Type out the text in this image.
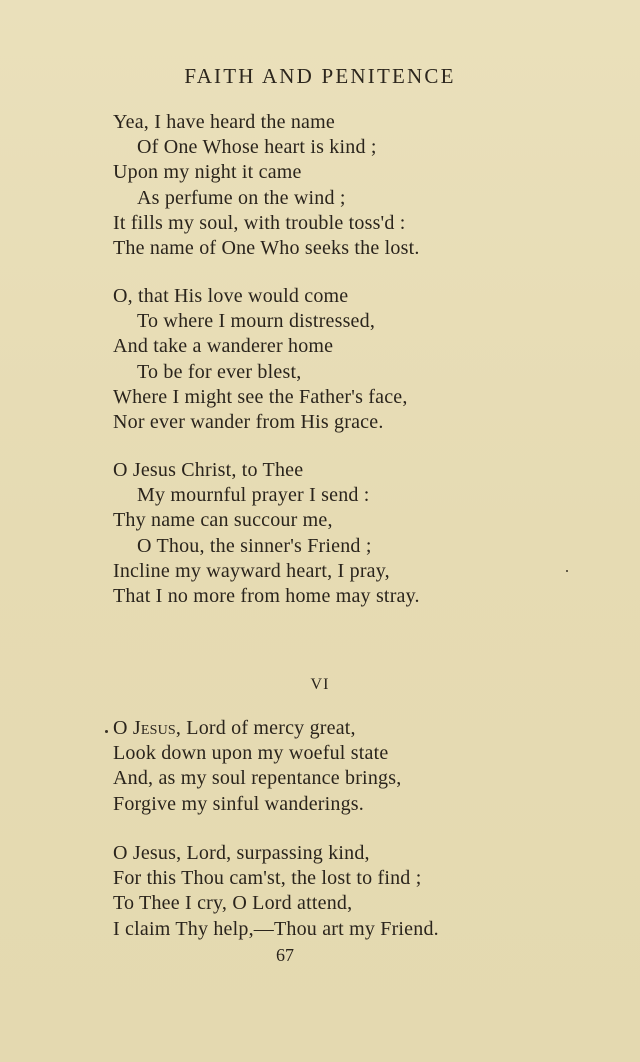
FAITH AND PENITENCE
Yea, I have heard the name
Of One Whose heart is kind ;
Upon my night it came
As perfume on the wind ;
It fills my soul, with trouble toss'd :
The name of One Who seeks the lost.
O, that His love would come
To where I mourn distressed,
And take a wanderer home
To be for ever blest,
Where I might see the Father's face,
Nor ever wander from His grace.
O Jesus Christ, to Thee
My mournful prayer I send :
Thy name can succour me,
O Thou, the sinner's Friend ;
Incline my wayward heart, I pray,
That I no more from home may stray.
VI
O Jesus, Lord of mercy great,
Look down upon my woeful state
And, as my soul repentance brings,
Forgive my sinful wanderings.
O Jesus, Lord, surpassing kind,
For this Thou cam'st, the lost to find ;
To Thee I cry, O Lord attend,
I claim Thy help,—Thou art my Friend.
67
